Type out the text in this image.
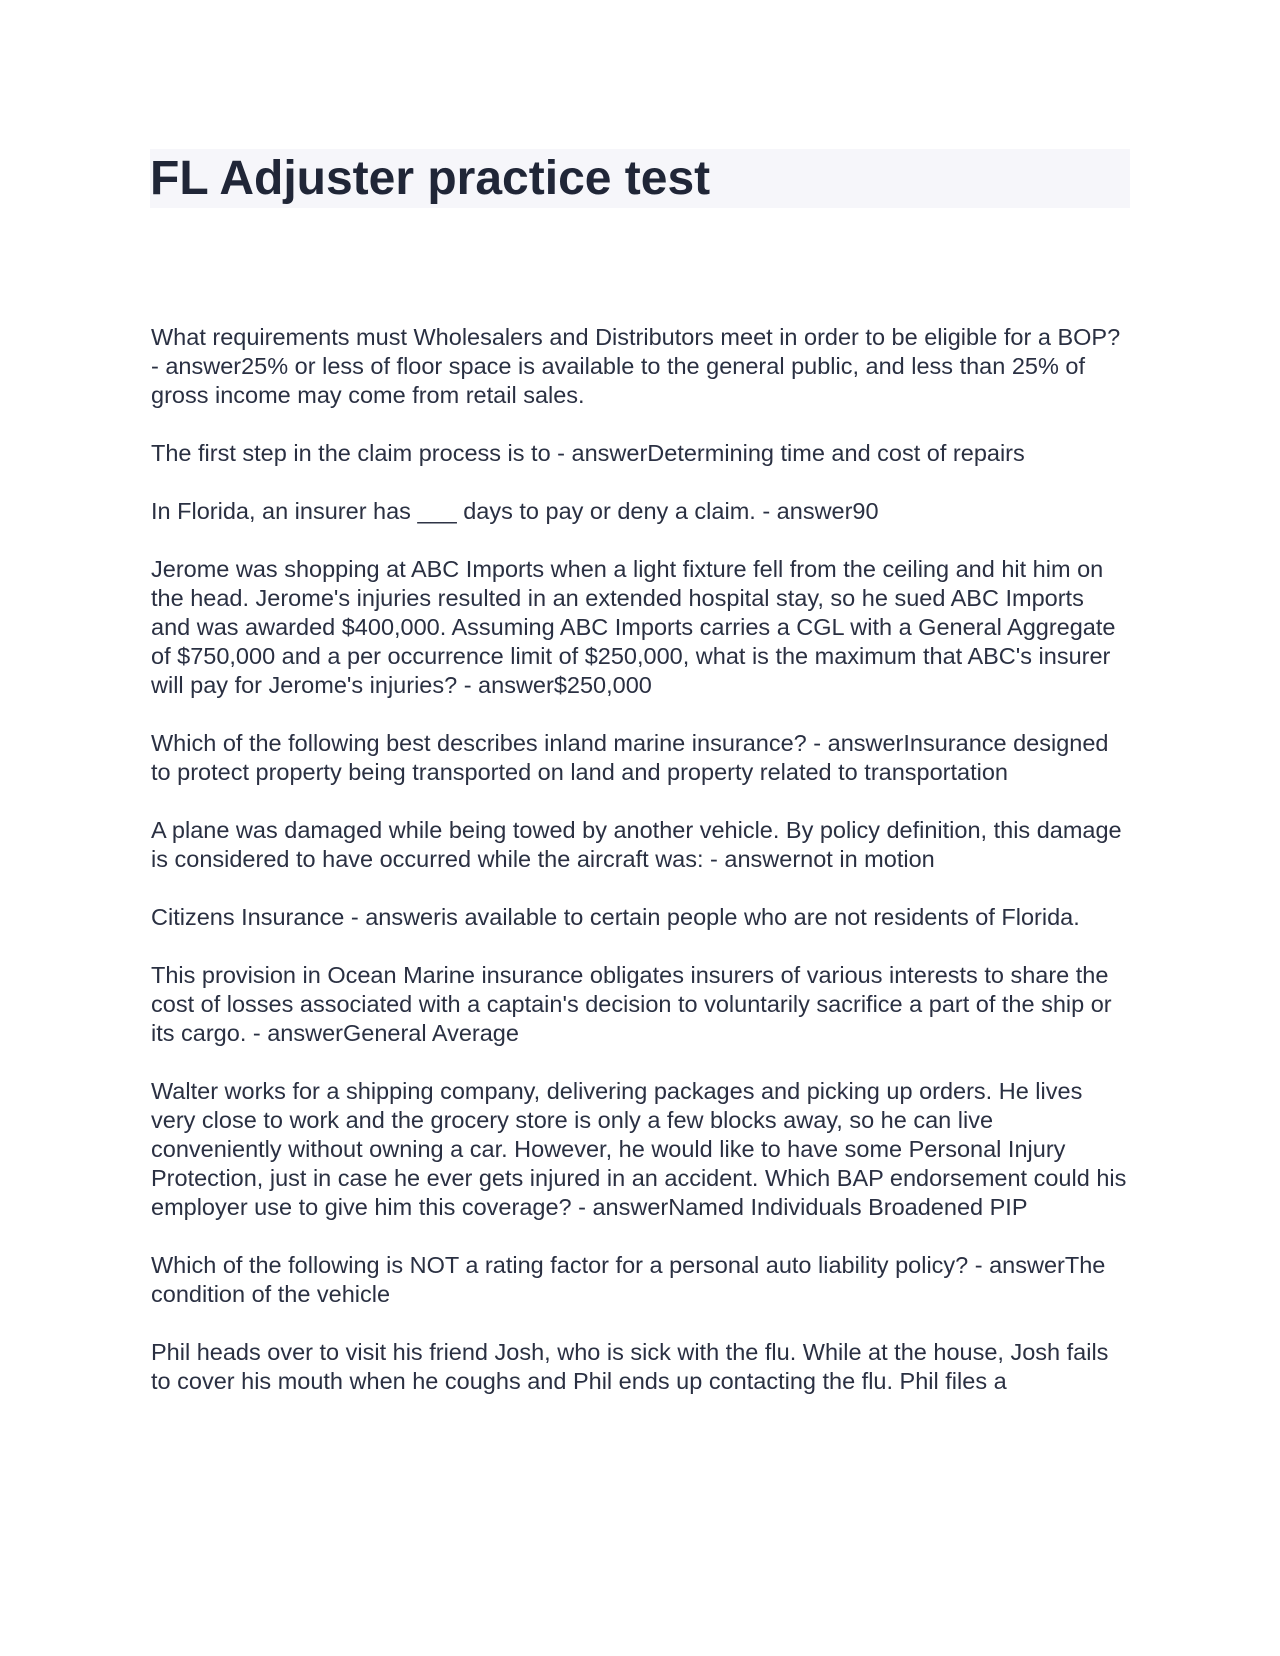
FL Adjuster practice test

What requirements must Wholesalers and Distributors meet in order to be eligible for a BOP? - answer25% or less of floor space is available to the general public, and less than 25% of gross income may come from retail sales.

The first step in the claim process is to - answerDetermining time and cost of repairs

In Florida, an insurer has ___ days to pay or deny a claim. - answer90

Jerome was shopping at ABC Imports when a light fixture fell from the ceiling and hit him on the head. Jerome's injuries resulted in an extended hospital stay, so he sued ABC Imports and was awarded $400,000. Assuming ABC Imports carries a CGL with a General Aggregate of $750,000 and a per occurrence limit of $250,000, what is the maximum that ABC's insurer will pay for Jerome's injuries? - answer$250,000

Which of the following best describes inland marine insurance? - answerInsurance designed to protect property being transported on land and property related to transportation

A plane was damaged while being towed by another vehicle. By policy definition, this damage is considered to have occurred while the aircraft was: - answernot in motion

Citizens Insurance - answeris available to certain people who are not residents of Florida.

This provision in Ocean Marine insurance obligates insurers of various interests to share the cost of losses associated with a captain's decision to voluntarily sacrifice a part of the ship or its cargo. - answerGeneral Average

Walter works for a shipping company, delivering packages and picking up orders. He lives very close to work and the grocery store is only a few blocks away, so he can live conveniently without owning a car. However, he would like to have some Personal Injury Protection, just in case he ever gets injured in an accident. Which BAP endorsement could his employer use to give him this coverage? - answerNamed Individuals Broadened PIP

Which of the following is NOT a rating factor for a personal auto liability policy? - answerThe condition of the vehicle

Phil heads over to visit his friend Josh, who is sick with the flu. While at the house, Josh fails to cover his mouth when he coughs and Phil ends up contacting the flu. Phil files a
